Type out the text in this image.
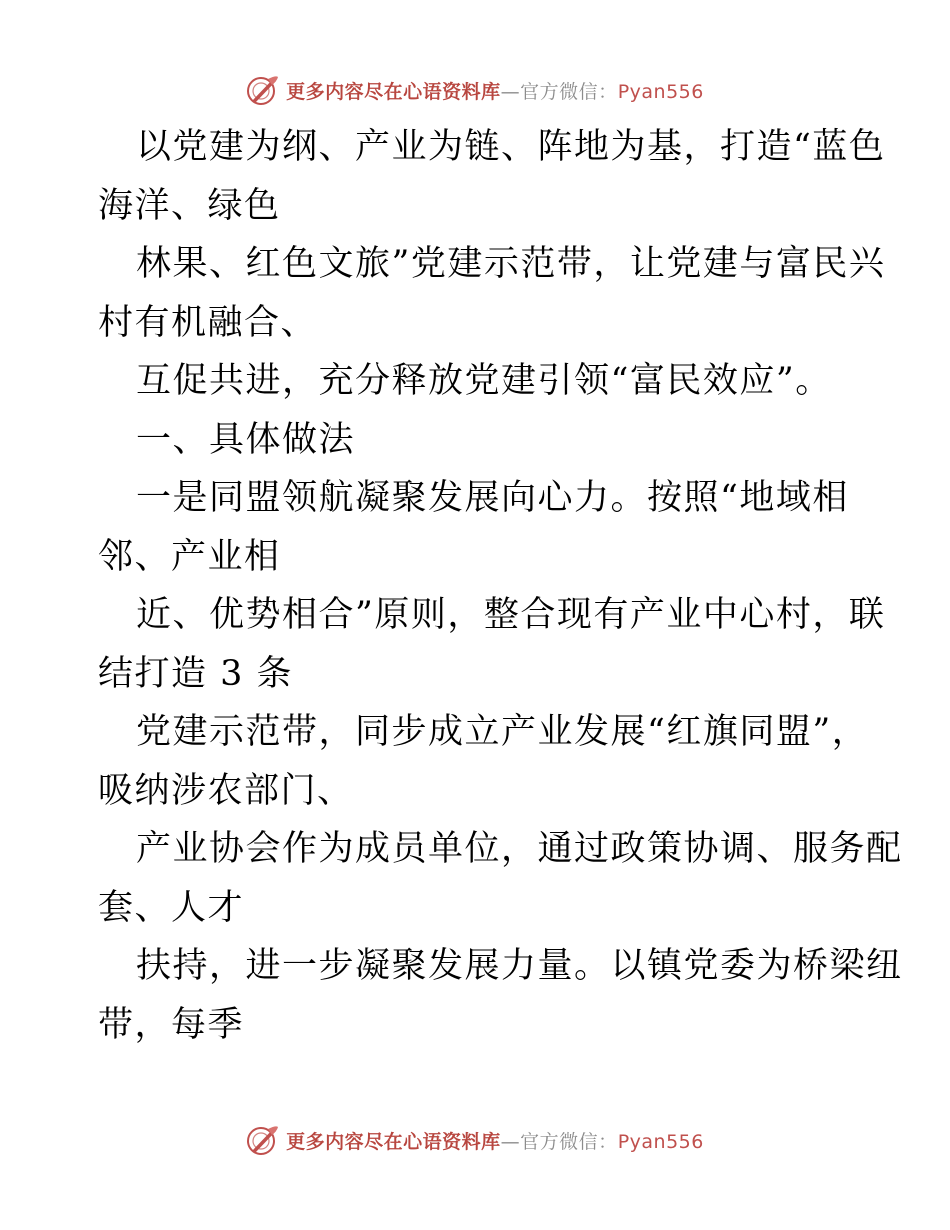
更多内容尽在心语资料库—官方微信：Pyan556
以党建为纲、产业为链、阵地为基，打造“蓝色
海洋、绿色
林果、红色文旅”党建示范带，让党建与富民兴
村有机融合、
互促共进，充分释放党建引领“富民效应”。
一、具体做法
一是同盟领航凝聚发展向心力。按照“地域相
邻、产业相
近、优势相合”原则，整合现有产业中心村，联
结打造 3 条
党建示范带，同步成立产业发展“红旗同盟”，
吸纳涉农部门、
产业协会作为成员单位，通过政策协调、服务配
套、人才
扶持，进一步凝聚发展力量。以镇党委为桥梁纽
带，每季
更多内容尽在心语资料库—官方微信：Pyan556
